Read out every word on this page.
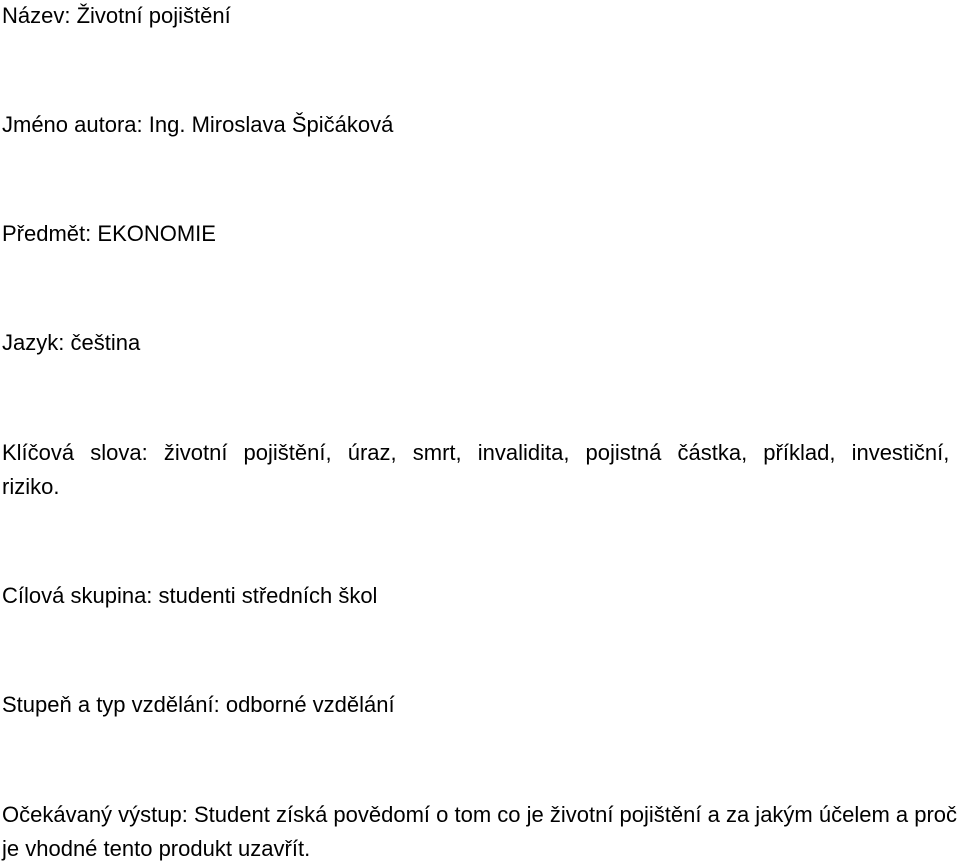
Název: Životní pojištění

Jméno autora: Ing. Miroslava Špičáková

Předmět: EKONOMIE

Jazyk: čeština

Klíčová slova: životní pojištění, úraz, smrt, invalidita, pojistná částka, příklad, investiční, riziko.

Cílová skupina: studenti středních škol

Stupeň a typ vzdělání: odborné vzdělání

Očekávaný výstup: Student získá povědomí o tom co je životní pojištění a za jakým účelem a proč je vhodné tento produkt uzavřít.
